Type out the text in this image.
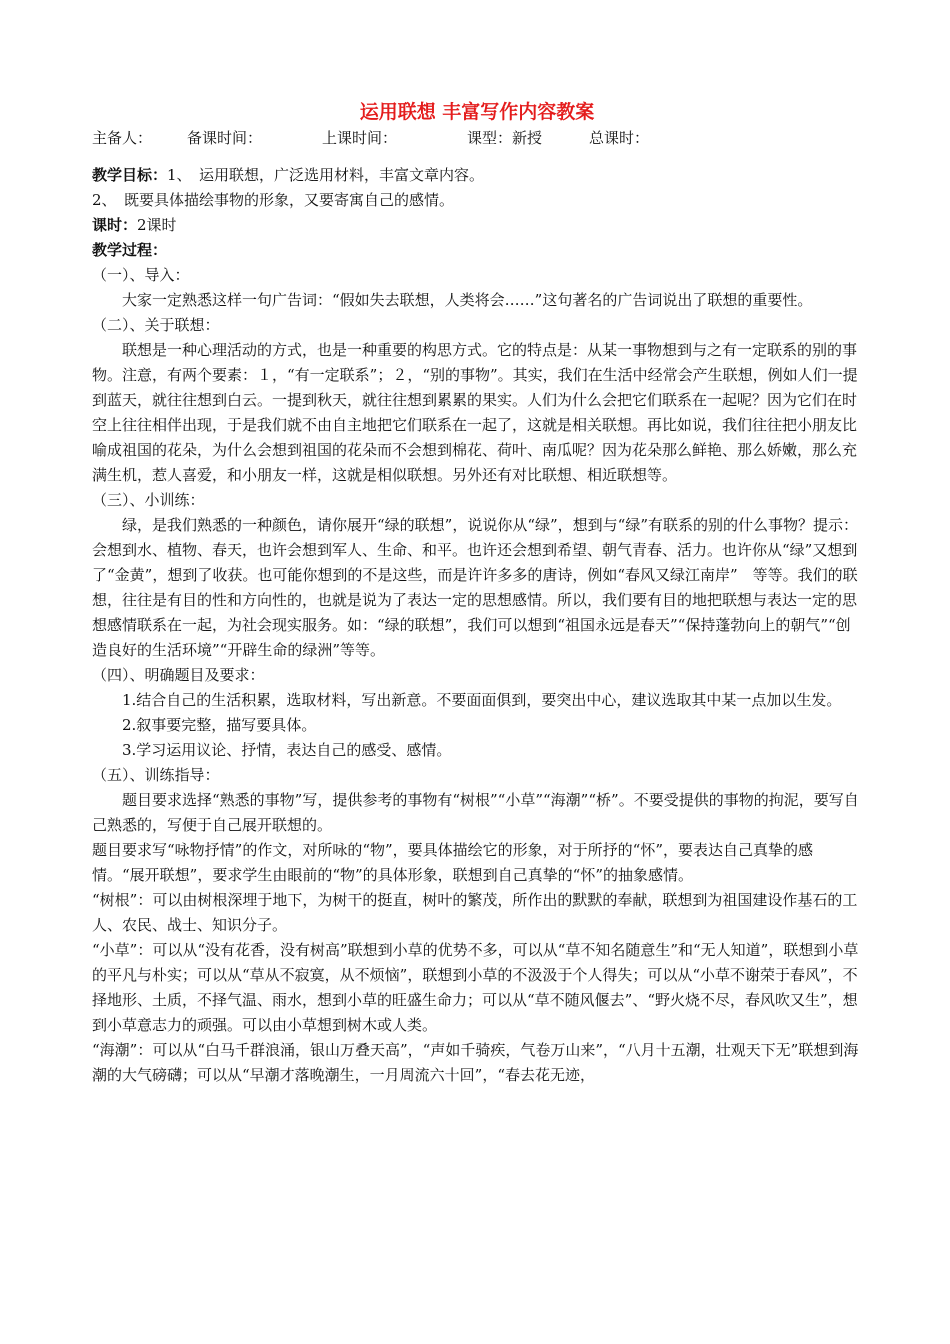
运用联想 丰富写作内容教案
主备人：	备课时间：	上课时间：	课型：新授	总课时：

教学目标：1、　运用联想，广泛选用材料，丰富文章内容。

2、　既要具体描绘事物的形象，又要寄寓自己的感情。

课时：2课时

教学过程：

（一）、导入：

大家一定熟悉这样一句广告词：“假如失去联想，人类将会……”这句著名的广告词说出了联想的重要性。

（二）、关于联想：

联想是一种心理活动的方式，也是一种重要的构思方式。它的特点是：从某一事物想到与之有一定联系的别的事物。注意，有两个要素：１，“有一定联系”；２，“别的事物”。其实，我们在生活中经常会产生联想，例如人们一提到蓝天，就往往想到白云。一提到秋天，就往往想到累累的果实。人们为什么会把它们联系在一起呢？因为它们在时空上往往相伴出现，于是我们就不由自主地把它们联系在一起了，这就是相关联想。再比如说，我们往往把小朋友比喻成祖国的花朵，为什么会想到祖国的花朵而不会想到棉花、荷叶、南瓜呢？因为花朵那么鲜艳、那么娇嫩，那么充满生机，惹人喜爱，和小朋友一样，这就是相似联想。另外还有对比联想、相近联想等。

（三）、小训练：

绿，是我们熟悉的一种颜色，请你展开“绿的联想”，说说你从“绿”，想到与“绿”有联系的别的什么事物？提示：会想到水、植物、春天，也许会想到军人、生命、和平。也许还会想到希望、朝气青春、活力。也许你从“绿”又想到了“金黄”，想到了收获。也可能你想到的不是这些，而是许许多多的唐诗，例如“春风又绿江南岸”　等等。我们的联想，往往是有目的性和方向性的，也就是说为了表达一定的思想感情。所以，我们要有目的地把联想与表达一定的思想感情联系在一起，为社会现实服务。如：“绿的联想”，我们可以想到“祖国永远是春天”“保持蓬勃向上的朝气”“创造良好的生活环境”“开辟生命的绿洲”等等。

（四）、明确题目及要求：

1.结合自己的生活积累，选取材料，写出新意。不要面面俱到，要突出中心，建议选取其中某一点加以生发。

2.叙事要完整，描写要具体。

3.学习运用议论、抒情，表达自己的感受、感情。

（五）、训练指导：

题目要求选择“熟悉的事物”写，提供参考的事物有“树根”“小草”“海潮”“桥”。不要受提供的事物的拘泥，要写自己熟悉的，写便于自己展开联想的。

题目要求写“咏物抒情”的作文，对所咏的“物”，要具体描绘它的形象，对于所抒的“怀”，要表达自己真挚的感情。“展开联想”，要求学生由眼前的“物”的具体形象，联想到自己真挚的“怀”的抽象感情。

“树根”：可以由树根深埋于地下，为树干的挺直，树叶的繁茂，所作出的默默的奉献，联想到为祖国建设作基石的工人、农民、战士、知识分子。

“小草”：可以从“没有花香，没有树高”联想到小草的优势不多，可以从“草不知名随意生”和“无人知道”，联想到小草的平凡与朴实；可以从“草从不寂寞，从不烦恼”，联想到小草的不汲汲于个人得失；可以从“小草不谢荣于春风”，不择地形、土质，不择气温、雨水，想到小草的旺盛生命力；可以从“草不随风偃去”、“野火烧不尽，春风吹又生”，想到小草意志力的顽强。可以由小草想到树木或人类。

“海潮”：可以从“白马千群浪涌，银山万叠天高”，“声如千骑疾，气卷万山来”，“八月十五潮，壮观天下无”联想到海潮的大气磅礴；可以从“早潮才落晚潮生，一月周流六十回”，“春去花无迹，
